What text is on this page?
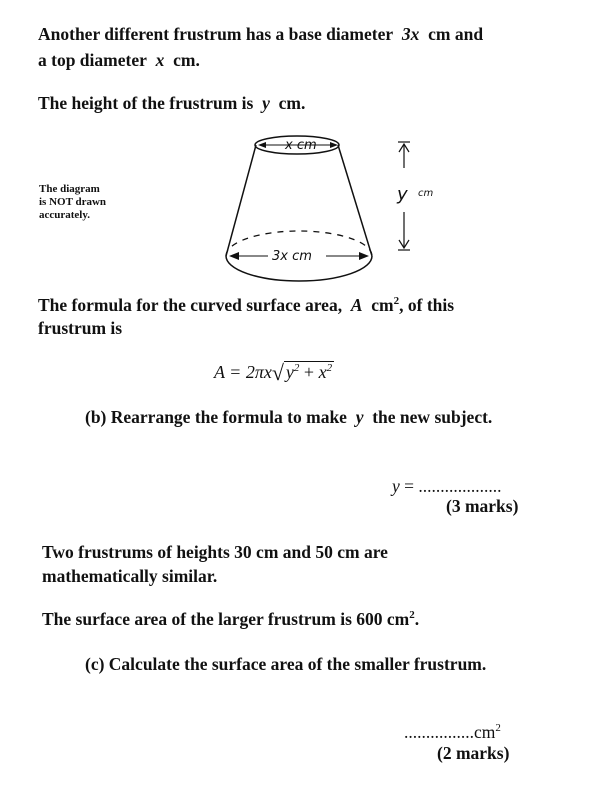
Another different frustrum has a base diameter 3x cm and
a top diameter x cm.
The height of the frustrum is y cm.
The diagram
is NOT drawn
accurately.
x cm
3x cm
y cm
The formula for the curved surface area, A $cm^2$, of this
frustrum is
A = 2πx√ $y^2 + x^2$
(b) Rearrange the formula to make y the new subject.
y = ...................
(3 marks)
Two frustrums of heights 30 cm and 50 cm are
mathematically similar.
The surface area of the larger frustrum is 600 $cm^2$.
(c) Calculate the surface area of the smaller frustrum.
$................cm^2$
(2 marks)
